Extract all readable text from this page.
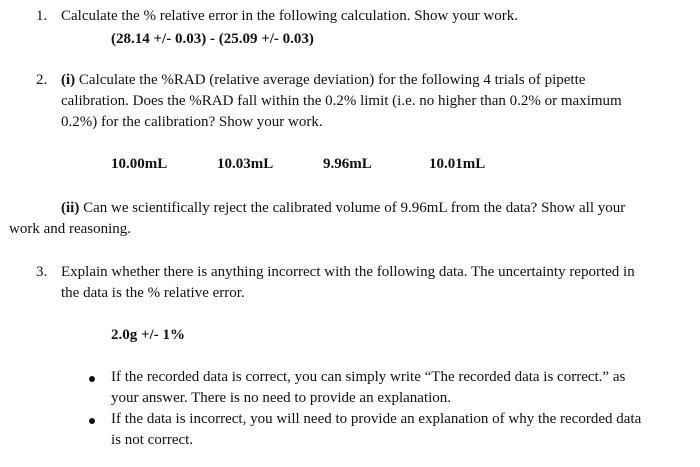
1. Calculate the % relative error in the following calculation. Show your work.
(28.14 +/- 0.03) - (25.09 +/- 0.03)
2. (i) Calculate the %RAD (relative average deviation) for the following 4 trials of pipette
calibration. Does the %RAD fall within the 0.2% limit (i.e. no higher than 0.2% or maximum
0.2%) for the calibration? Show your work.
10.00mL	10.03mL	9.96mL	10.01mL
(ii) Can we scientifically reject the calibrated volume of 9.96mL from the data? Show all your
work and reasoning.
3. Explain whether there is anything incorrect with the following data. The uncertainty reported in
the data is the % relative error.
2.0g +/- 1%
If the recorded data is correct, you can simply write “The recorded data is correct.” as
your answer. There is no need to provide an explanation.
If the data is incorrect, you will need to provide an explanation of why the recorded data
is not correct.
